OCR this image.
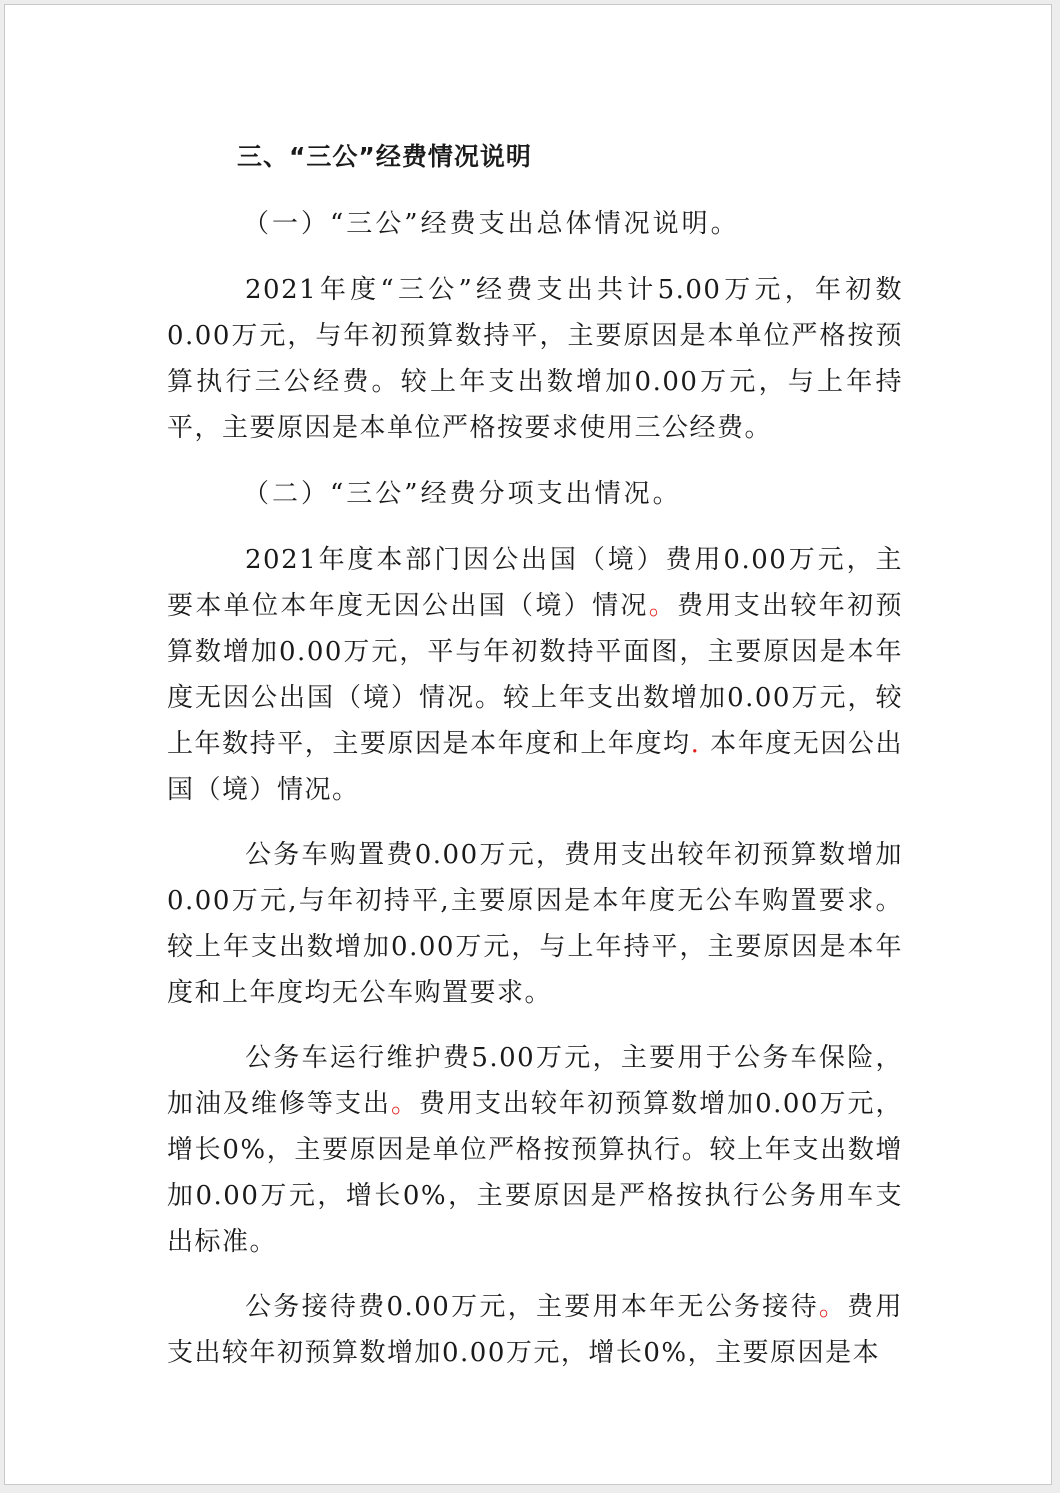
三、“三公”经费情况说明
（一）“三公”经费支出总体情况说明。
2021年度“三公”经费支出共计5.00万元，年初数0.00万元，与年初预算数持平，主要原因是本单位严格按预算执行三公经费。较上年支出数增加0.00万元，与上年持平，主要原因是本单位严格按要求使用三公经费。
（二）“三公”经费分项支出情况。
2021年度本部门因公出国（境）费用0.00万元，主要本单位本年度无因公出国（境）情况。费用支出较年初预算数增加0.00万元，平与年初数持平面图，主要原因是本年度无因公出国（境）情况。较上年支出数增加0.00万元，较上年数持平，主要原因是本年度和上年度均. 本年度无因公出国（境）情况。
公务车购置费0.00万元，费用支出较年初预算数增加0.00万元,与年初持平,主要原因是本年度无公车购置要求。较上年支出数增加0.00万元，与上年持平，主要原因是本年度和上年度均无公车购置要求。
公务车运行维护费5.00万元，主要用于公务车保险，加油及维修等支出。费用支出较年初预算数增加0.00万元，增长0%，主要原因是单位严格按预算执行。较上年支出数增加0.00万元，增长0%，主要原因是严格按执行公务用车支出标准。
公务接待费0.00万元，主要用本年无公务接待。费用支出较年初预算数增加0.00万元，增长0%，主要原因是本
